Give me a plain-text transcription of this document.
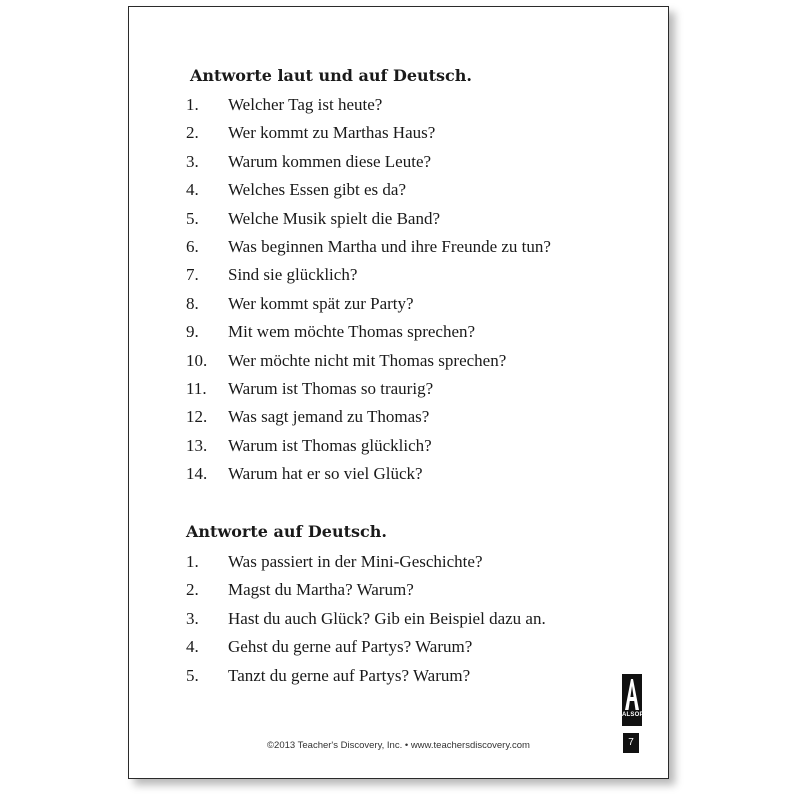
Antworte laut und auf Deutsch.
1. Welcher Tag ist heute?
2. Wer kommt zu Marthas Haus?
3. Warum kommen diese Leute?
4. Welches Essen gibt es da?
5. Welche Musik spielt die Band?
6. Was beginnen Martha und ihre Freunde zu tun?
7. Sind sie glücklich?
8. Wer kommt spät zur Party?
9. Mit wem möchte Thomas sprechen?
10. Wer möchte nicht mit Thomas sprechen?
11. Warum ist Thomas so traurig?
12. Was sagt jemand zu Thomas?
13. Warum ist Thomas glücklich?
14. Warum hat er so viel Glück?
Antworte auf Deutsch.
1. Was passiert in der Mini-Geschichte?
2. Magst du Martha? Warum?
3. Hast du auch Glück? Gib ein Beispiel dazu an.
4. Gehst du gerne auf Partys? Warum?
5. Tanzt du gerne auf Partys? Warum?
ALSOP
7
©2013 Teacher's Discovery, Inc. • www.teachersdiscovery.com
